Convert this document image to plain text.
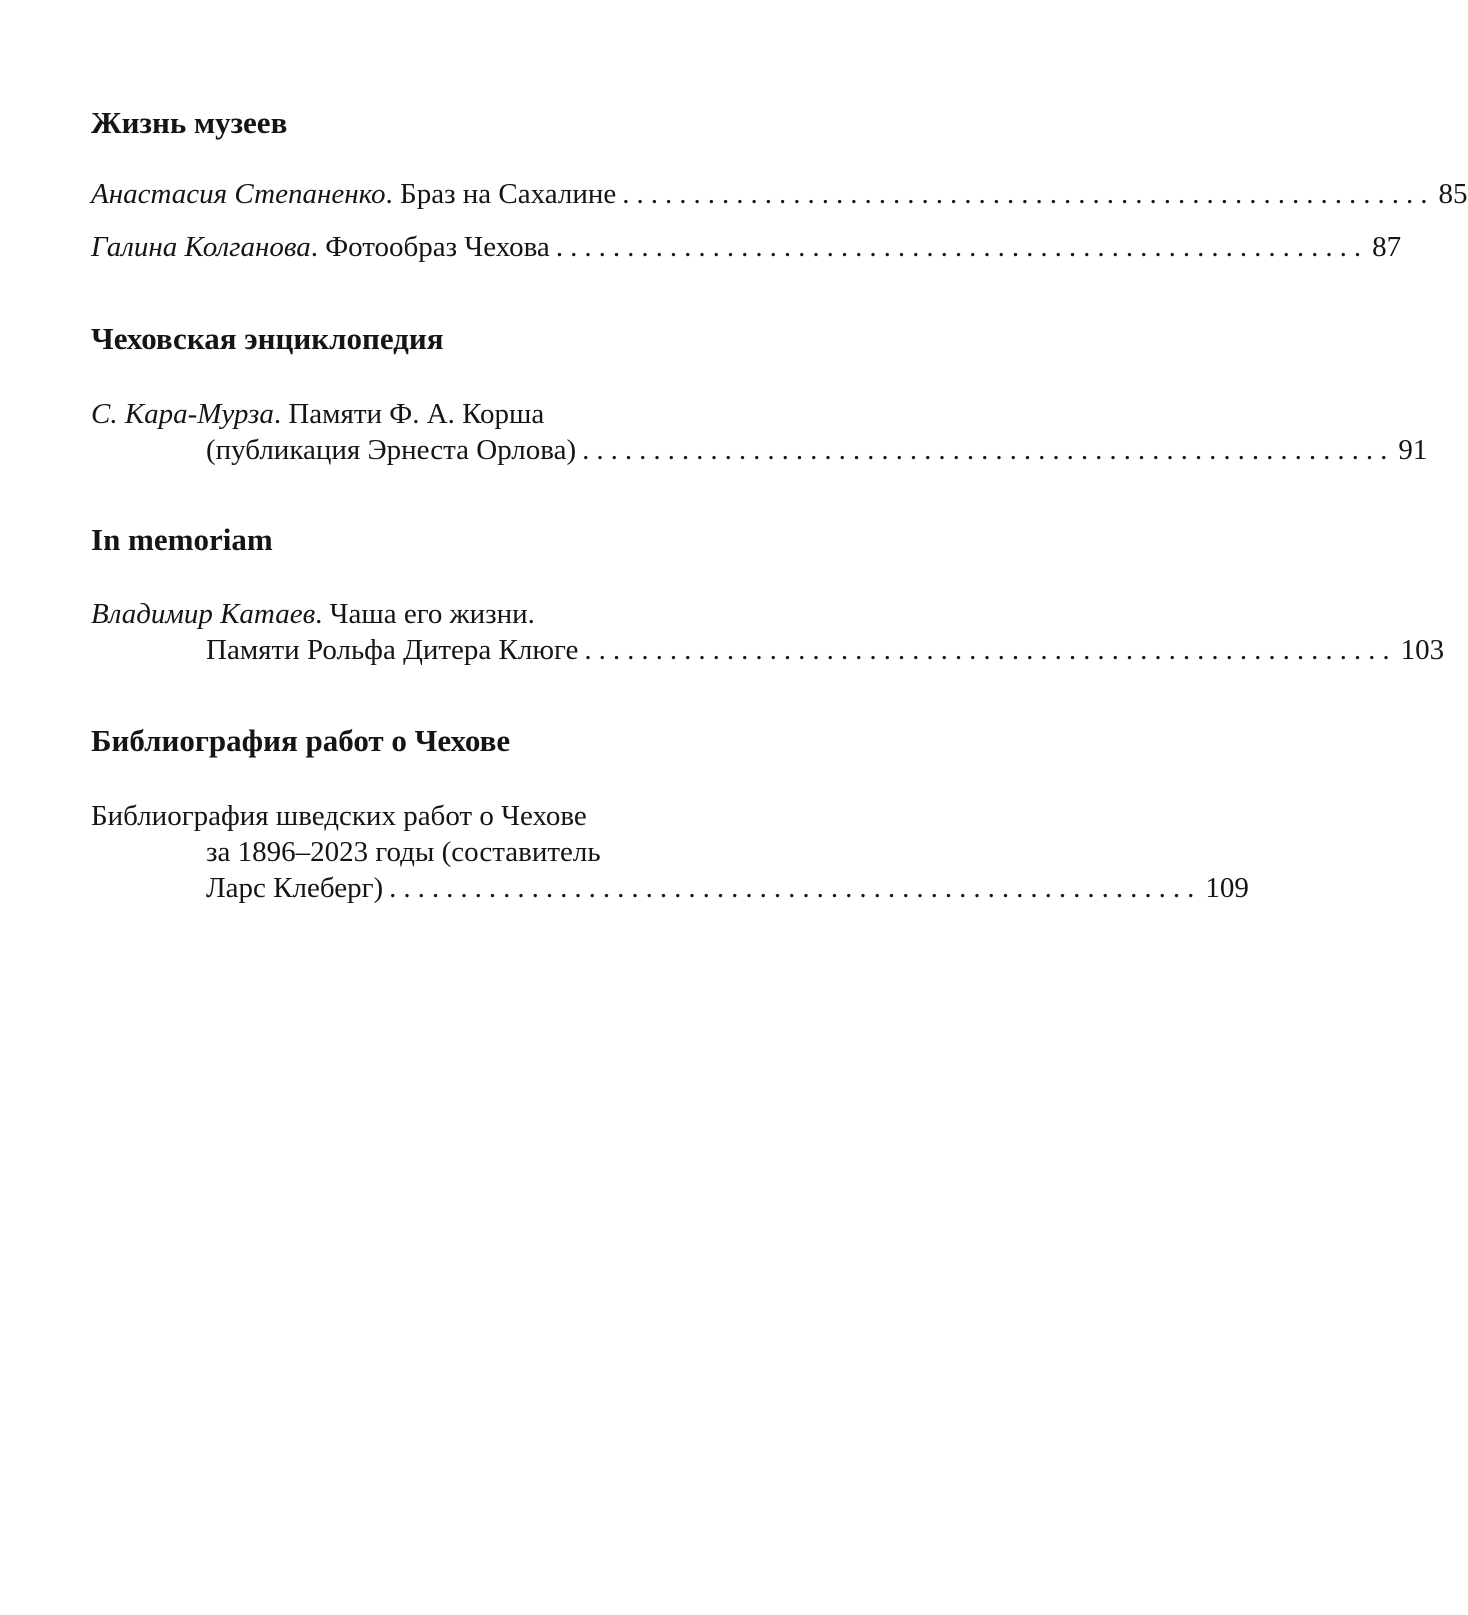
Жизнь музеев
Анастасия Степаненко. Браз на Сахалине ......................................................... 85
Галина Колганова. Фотообраз Чехова ......................................................... 87
Чеховская энциклопедия
С. Кара-Мурза. Памяти Ф. А. Корша
(публикация Эрнеста Орлова) ......................................................... 91
In memoriam
Владимир Катаев. Чаша его жизни.
Памяти Рольфа Дитера Клюге ......................................................... 103
Библиография работ о Чехове
Библиография шведских работ о Чехове
за 1896–2023 годы (составитель
Ларс Клеберг) ......................................................... 109
